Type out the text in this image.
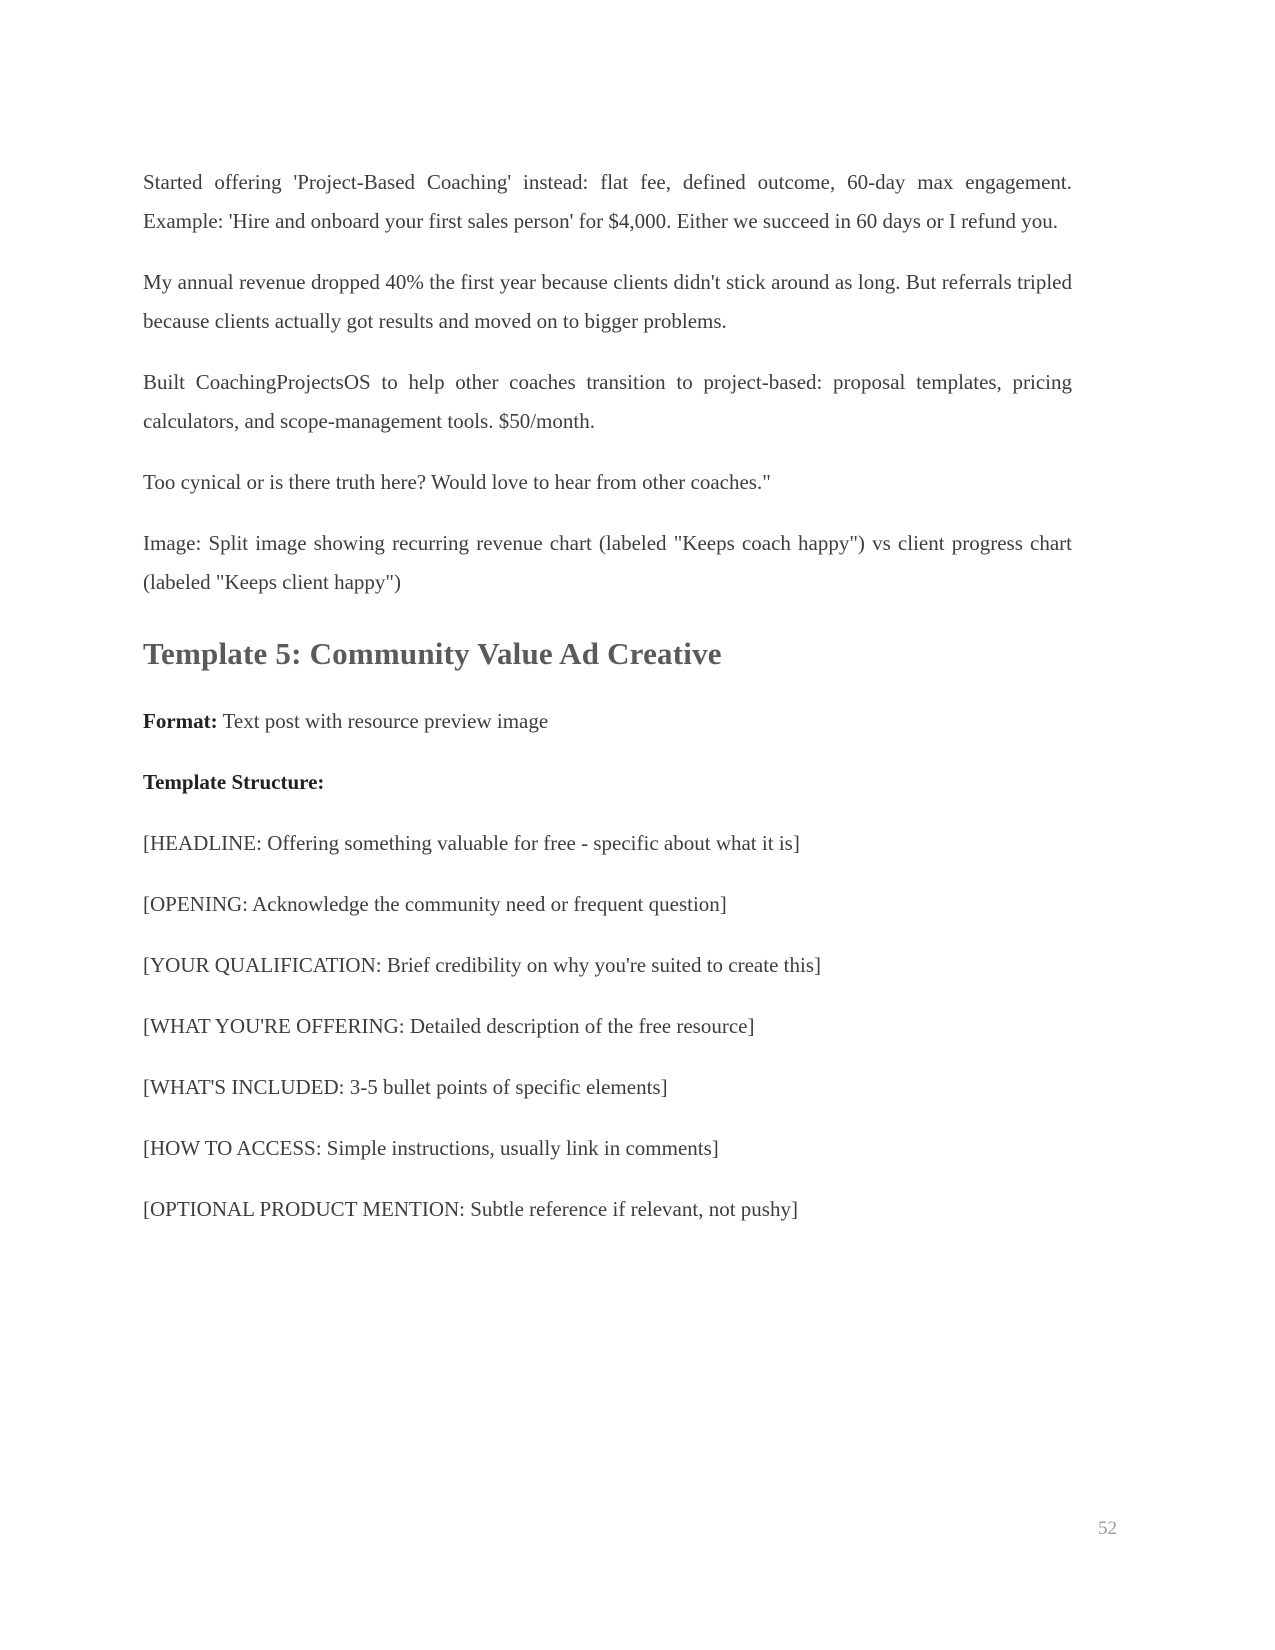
Started offering 'Project-Based Coaching' instead: flat fee, defined outcome, 60-day max engagement. Example: 'Hire and onboard your first sales person' for $4,000. Either we succeed in 60 days or I refund you.

My annual revenue dropped 40% the first year because clients didn't stick around as long. But referrals tripled because clients actually got results and moved on to bigger problems.

Built CoachingProjectsOS to help other coaches transition to project-based: proposal templates, pricing calculators, and scope-management tools. $50/month.

Too cynical or is there truth here? Would love to hear from other coaches."

Image: Split image showing recurring revenue chart (labeled "Keeps coach happy") vs client progress chart (labeled "Keeps client happy")

Template 5: Community Value Ad Creative

Format: Text post with resource preview image

Template Structure:

[HEADLINE: Offering something valuable for free - specific about what it is]

[OPENING: Acknowledge the community need or frequent question]

[YOUR QUALIFICATION: Brief credibility on why you're suited to create this]

[WHAT YOU'RE OFFERING: Detailed description of the free resource]

[WHAT'S INCLUDED: 3-5 bullet points of specific elements]

[HOW TO ACCESS: Simple instructions, usually link in comments]

[OPTIONAL PRODUCT MENTION: Subtle reference if relevant, not pushy]

52
